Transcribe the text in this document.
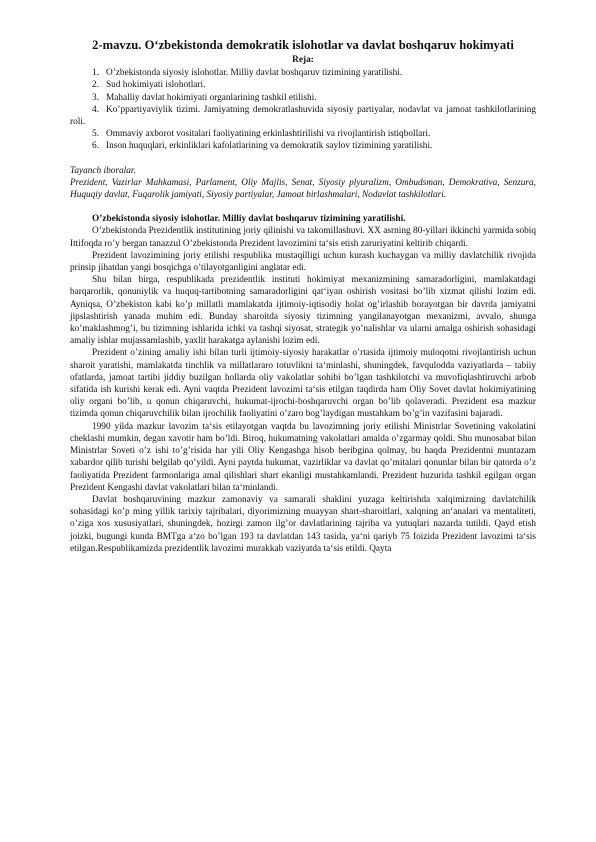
2-mavzu. O‘zbekistonda demokratik islohotlar va davlat boshqaruv hokimyati
Reja:
1. O’zbekistonda siyosiy islohotlar. Milliy davlat boshqaruv tizimining yaratilishi.
2. Sud hokimiyati islohotlari.
3. Mahalliy davlat hokimiyati organlarining tashkil etilishi.
4. Ko’ppartiyaviylik tizimi. Jamiyatning demokratlashuvida siyosiy partiyalar, nodavlat va jamoat tashkilotlarining roli.
5. Ommaviy axborot vositalari faoliyatining erkinlashtirilishi va rivojlantirish istiqbollari.
6. Inson huquqlari, erkinliklari kafolatlarining va demokratik saylov tizimining yaratilishi.
Tayanch iboralar.
Prezident, Vazirlar Mahkamasi, Parlament, Oliy Majlis, Senat, Siyosiy plyuralizm, Ombudsman, Demokrativa, Senzura, Huquqiy davlat, Fuqarolik jamiyati, Siyosiy partiyalar, Jamoat birlashmalari, Nodavlat tashkilotlari.
O’zbekistonda siyosiy islohotlar. Milliy davlat boshqaruv tizimining yaratilishi.

O’zbekistonda Prezidentlik institutining joriy qilinishi va takomillashuvi. XX asrning 80-yillari ikkinchi yarmida sobiq Ittifoqda ro’y bergan tanazzul O’zbekistonda Prezident lavozimini ta‘sis etish zaruriyatini keltirib chiqardi.

Prezident lavozimining joriy etilishi respublika mustaqilligi uchun kurash kuchaygan va milliy davlatchilik rivojida prinsip jihatdan yangi bosqichga o’tilayotganligini anglatar edi.

Shu bilan birga, respublikada prezidentlik instituti hokimiyat mexanizmining samaradorligini, mamlakatdagi barqarorlik, qonuniylik va huquq-tartibotning samaradorligini qat‘iyan oshirish vositasi bo’lib xizmat qilishi lozim edi. Ayniqsa, O’zbekiston kabi ko’p millatli mamlakatda ijtimoiy-iqtisodiy holat og’irlashib borayotgan bir davrda jamiyatni jipslashtirish yanada muhim edi. Bunday sharoitda siyosiy tizimning yangilanayotgan mexanizmi, avvalo, shunga ko’maklashmog’i, bu tizimning ishlarida ichki va tashqi siyosat, strategik yo’nalishlar va ularni amalga oshirish sohasidagi amaliy ishlar mujassamlashib, yaxlit harakatga aylanishi lozim edi.

Prezident o’zining amaliy ishi bilan turli ijtimoiy-siyosiy harakatlar o’rtasida ijtimoiy muloqotni rivojlantirish uchun sharoit yaratishi, mamlakatda tinchlik va millatlararo totuvlikni ta‘minlashi, shuningdek, favqulodda vaziyatlarda – tabiiy ofatlarda, jamoat tartibi jiddiy buzilgan hollarda oliy vakolatlar sohibi bo’lgan tashkilotchi va muvofiqlashtiruvchi arbob sifatida ish kurishi kerak edi. Ayni vaqtda Prezident lavozimi ta‘sis etilgan taqdirda ham Oliy Sovet davlat hokimiyatining oliy organi bo’lib, u qonun chiqaruvchi, hukumat-ijrochi-boshqaruvchi organ bo’lib qolaveradi. Prezident esa mazkur tizimda qonun chiqaruvchilik bilan ijrochilik faoliyatini o’zaro bog’laydigan mustahkam bo’g’in vazifasini bajaradi.

1990 yilda mazkur lavozim ta‘sis etilayotgan vaqtda bu lavozimning joriy etilishi Ministrlar Sovetining vakolatini cheklashi mumkin, degan xavotir ham bo’ldi. Biroq, hukumatning vakolatlari amalda o’zgarmay qoldi. Shu munosabat bilan Ministrlar Soveti o’z ishi to’g’risida har yili Oliy Kengashga hisob beribgina qolmay, bu haqda Prezidentni muntazam xabardor qilib turishi belgilab qo’yildi. Ayni paytda hukumat, vazirliklar va davlat qo’mitalari qonunlar bilan bir qatorda o’z faoliyatida Prezident farmonlariga amal qilishlari shart ekanligi mustahkamlandi. Prezident huzurida tashkil egilgan organ Prezident Kengashi davlat vakolatlari bilan ta‘minlandi.

Davlat boshqaruvining mazkur zamonaviy va samarali shaklini yuzaga keltirishda xalqimizning davlatchilik sohasidagi ko’p ming yillik tarixiy tajribalari, diyorimizning muayyan shart-sharoitlari, xalqning an‘analari va mentaliteti, o’ziga xos xususiyatlari, shuningdek, hozirgi zamon ilg’or davlatlarining tajriba va yutuqlari nazarda tutildi. Qayd etish joizki, bugungi kunda BMTga a‘zo bo’lgan 193 ta davlatdan 143 tasida, ya‘ni qariyb 75 foizida Prezident lavozimi ta‘sis etilgan.Respublikamizda prezidentlik lavozimi murakkab vaziyatda ta‘sis etildi. Qayta
